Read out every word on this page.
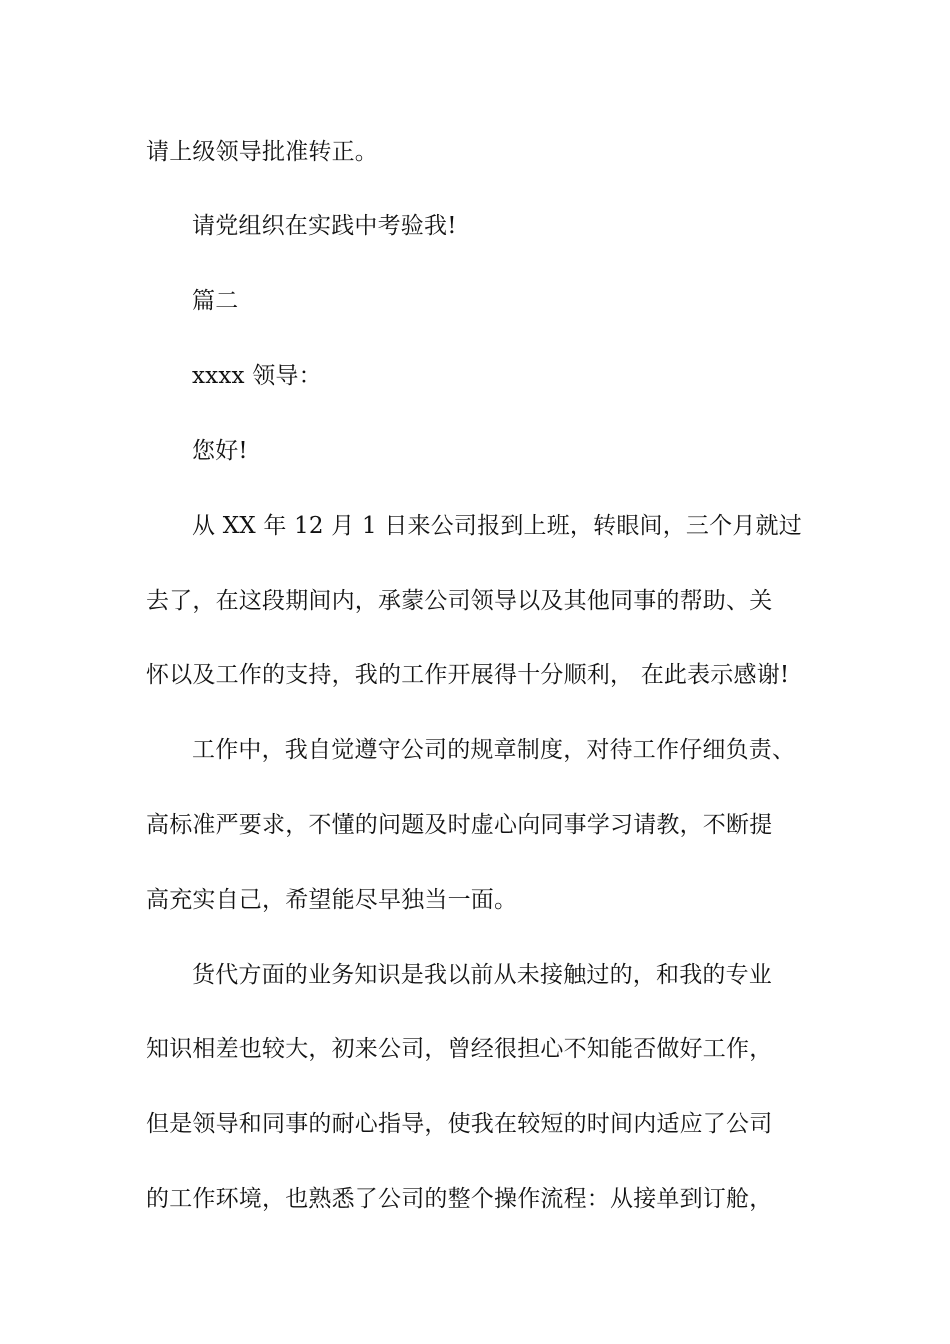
请上级领导批准转正。
请党组织在实践中考验我!
篇二
xxxx 领导：
您好!
从 XX 年 12 月 1 日来公司报到上班，转眼间，三个月就过
去了，在这段期间内，承蒙公司领导以及其他同事的帮助、关
怀以及工作的支持，我的工作开展得十分顺利， 在此表示感谢!
工作中，我自觉遵守公司的规章制度，对待工作仔细负责、
高标准严要求，不懂的问题及时虚心向同事学习请教，不断提
高充实自己，希望能尽早独当一面。
货代方面的业务知识是我以前从未接触过的，和我的专业
知识相差也较大，初来公司，曾经很担心不知能否做好工作，
但是领导和同事的耐心指导，使我在较短的时间内适应了公司
的工作环境，也熟悉了公司的整个操作流程：从接单到订舱，
